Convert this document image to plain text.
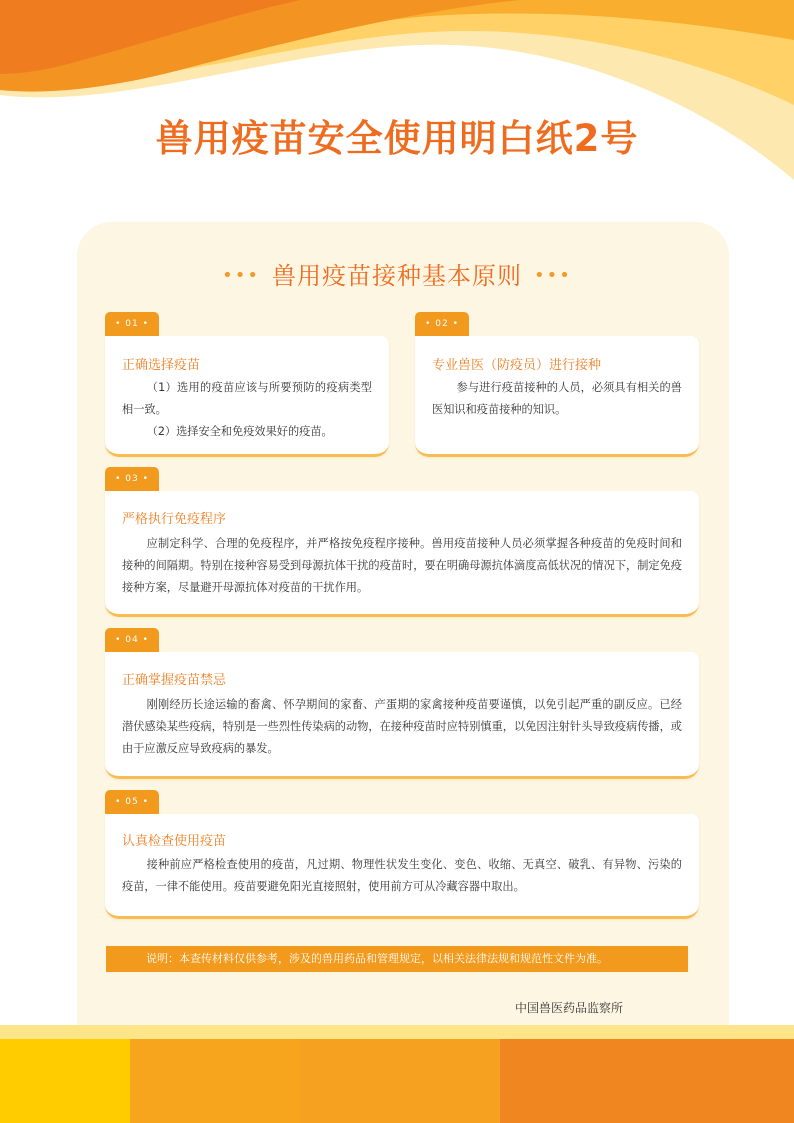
兽用疫苗安全使用明白纸2号
••• 兽用疫苗接种基本原则 •••
• 01 •
正确选择疫苗

（1）选用的疫苗应该与所要预防的疫病类型相一致。

（2）选择安全和免疫效果好的疫苗。

• 02 •
专业兽医（防疫员）进行接种

参与进行疫苗接种的人员，必须具有相关的兽医知识和疫苗接种的知识。

• 03 •
严格执行免疫程序

应制定科学、合理的免疫程序，并严格按免疫程序接种。兽用疫苗接种人员必须掌握各种疫苗的免疫时间和接种的间隔期。特别在接种容易受到母源抗体干扰的疫苗时，要在明确母源抗体滴度高低状况的情况下，制定免疫接种方案，尽量避开母源抗体对疫苗的干扰作用。

• 04 •
正确掌握疫苗禁忌

刚刚经历长途运输的畜禽、怀孕期间的家畜、产蛋期的家禽接种疫苗要谨慎，以免引起严重的副反应。已经潜伏感染某些疫病，特别是一些烈性传染病的动物，在接种疫苗时应特别慎重，以免因注射针头导致疫病传播，或由于应激反应导致疫病的暴发。

• 05 •
认真检查使用疫苗

接种前应严格检查使用的疫苗，凡过期、物理性状发生变化、变色、收缩、无真空、破乳、有异物、污染的疫苗，一律不能使用。疫苗要避免阳光直接照射，使用前方可从冷藏容器中取出。

说明：本查传材料仅供参考，涉及的兽用药品和管理规定，以相关法律法规和规范性文件为准。
中国兽医药品监察所
